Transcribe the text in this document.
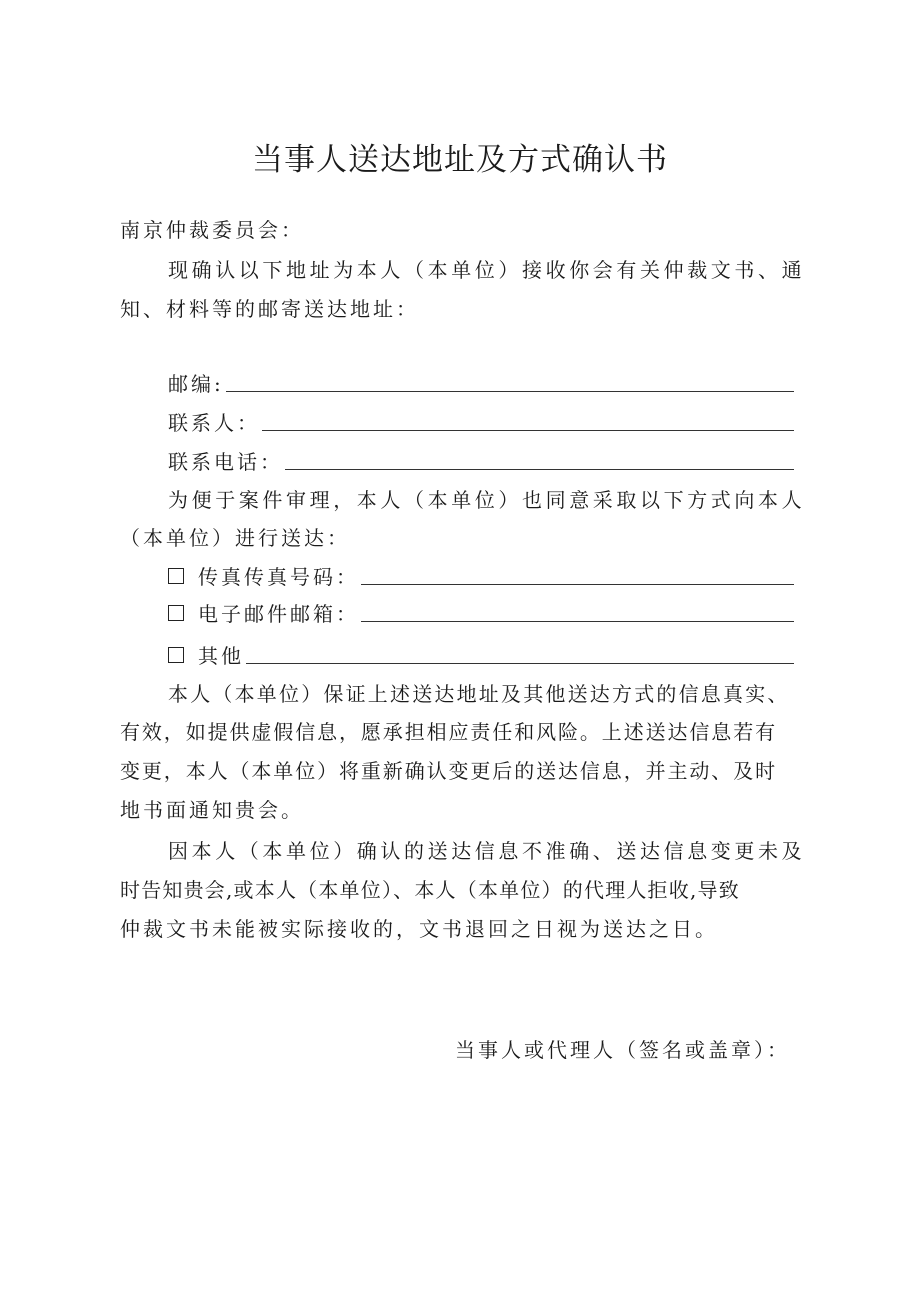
当事人送达地址及方式确认书
南京仲裁委员会：
现确认以下地址为本人（本单位）接收你会有关仲裁文书、通
知、材料等的邮寄送达地址：
邮编:
联系人：
联系电话：
为便于案件审理，本人（本单位）也同意采取以下方式向本人
（本单位）进行送达：
传真传真号码：
电子邮件邮箱：
其他
本人（本单位）保证上述送达地址及其他送达方式的信息真实、
有效，如提供虚假信息，愿承担相应责任和风险。上述送达信息若有
变更，本人（本单位）将重新确认变更后的送达信息，并主动、及时
地书面通知贵会。
因本人（本单位）确认的送达信息不准确、送达信息变更未及
时告知贵会,或本人（本单位）、本人（本单位）的代理人拒收,导致
仲裁文书未能被实际接收的，文书退回之日视为送达之日。
当事人或代理人（签名或盖章）：
